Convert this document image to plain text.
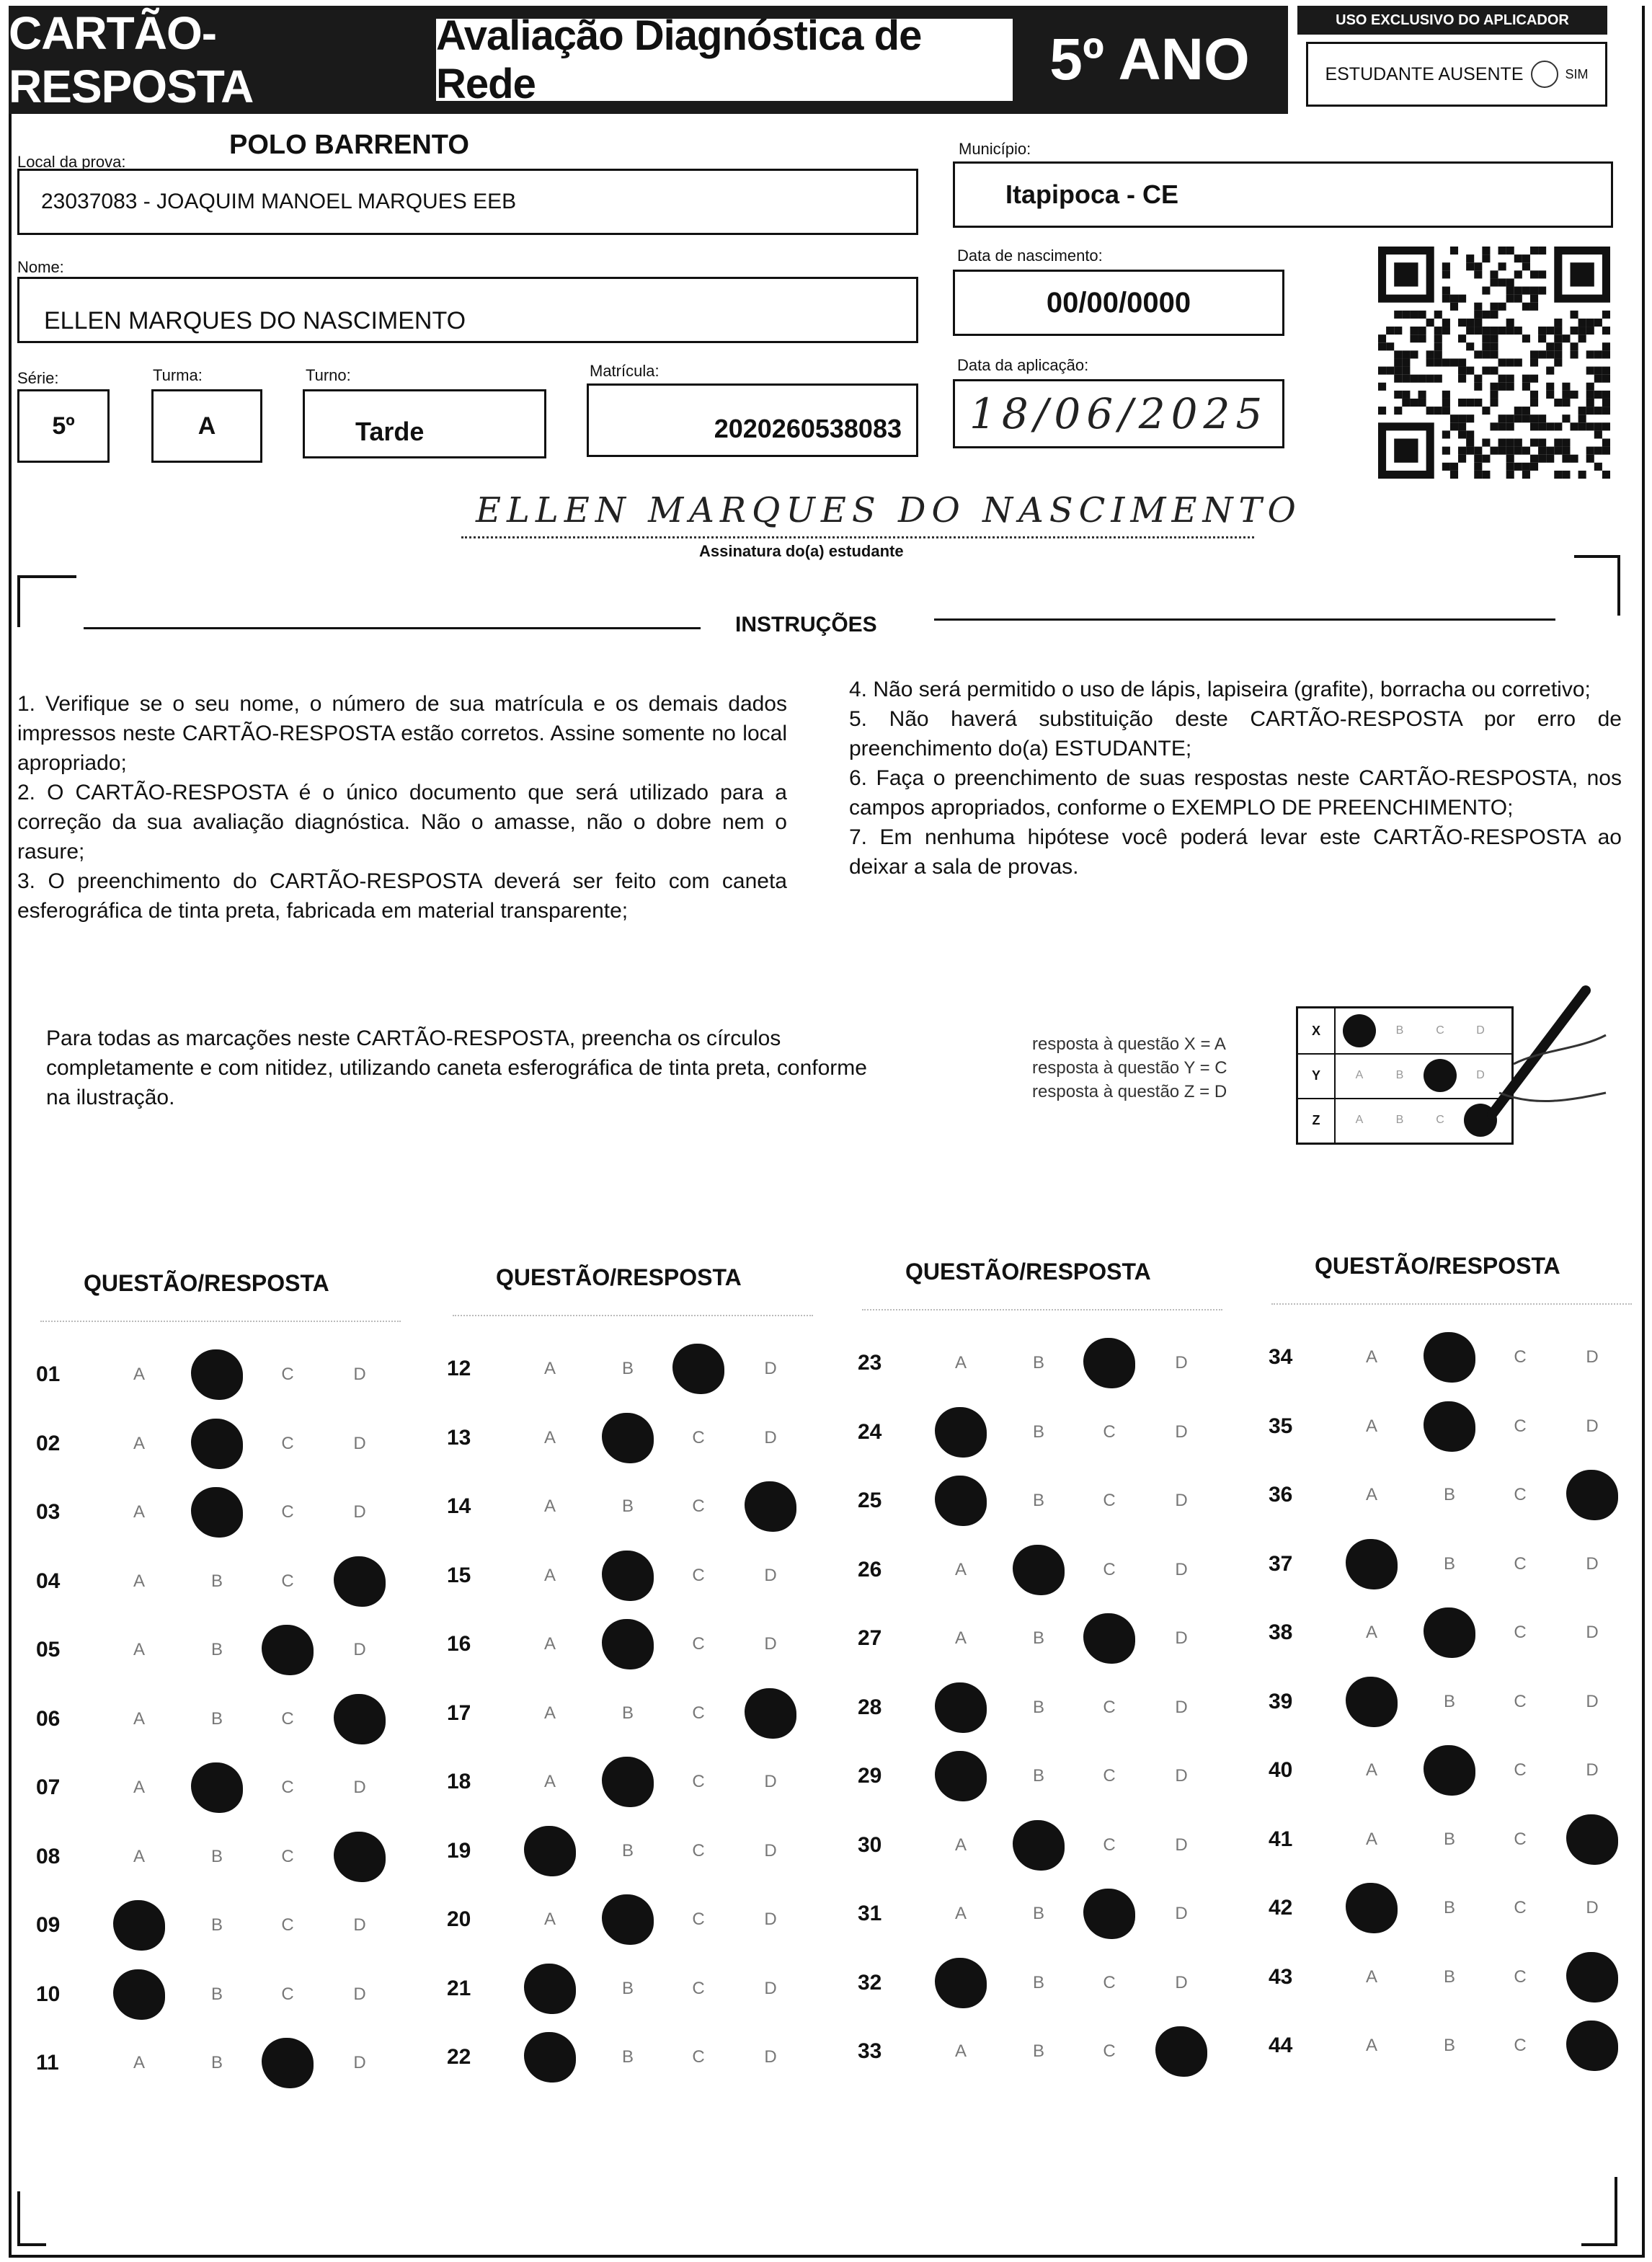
CARTÃO-RESPOSTA
Avaliação Diagnóstica de Rede	5º ANO
USO EXCLUSIVO DO APLICADOR
ESTUDANTE AUSENTE	SIM
Local da prova:
POLO BARRENTO
23037083 - JOAQUIM MANOEL MARQUES EEB
Município:
Itapipoca - CE
Nome:
ELLEN MARQUES DO NASCIMENTO
Data de nascimento:
00/00/0000
Série:
5º
Turma:
A
Turno:
Tarde
Matrícula:
2020260538083
Data da aplicação:
18/06/2025
ELLEN MARQUES DO NASCIMENTO
Assinatura do(a) estudante
INSTRUÇÕES

1. Verifique se o seu nome, o número de sua matrícula e os demais dados impressos neste CARTÃO-RESPOSTA estão corretos. Assine somente no local apropriado;

2. O CARTÃO-RESPOSTA é o único documento que será utilizado para a correção da sua avaliação diagnóstica. Não o amasse, não o dobre nem o rasure;

3. O preenchimento do CARTÃO-RESPOSTA deverá ser feito com caneta esferográfica de tinta preta, fabricada em material transparente;

4. Não será permitido o uso de lápis, lapiseira (grafite), borracha ou corretivo;

5. Não haverá substituição deste CARTÃO-RESPOSTA por erro de preenchimento do(a) ESTUDANTE;

6. Faça o preenchimento de suas respostas neste CARTÃO-RESPOSTA, nos campos apropriados, conforme o EXEMPLO DE PREENCHIMENTO;

7. Em nenhuma hipótese você poderá levar este CARTÃO-RESPOSTA ao deixar a sala de provas.

Para todas as marcações neste CARTÃO-RESPOSTA, preencha os círculos completamente e com nitidez, utilizando caneta esferográfica de tinta preta, conforme na ilustração.
resposta à questão X = A
resposta à questão Y = C
resposta à questão Z = D
X	B	C	D
Y	A	B	D
Z	A	B	C
QUESTÃO/RESPOSTA	QUESTÃO/RESPOSTA	QUESTÃO/RESPOSTA	QUESTÃO/RESPOSTA
01	A	C	D
02	A	C	D
03	A	C	D
04	A	B	C
05	A	B	D
06	A	B	C
07	A	C	D
08	A	B	C
09	B	C	D
10	B	C	D
11	A	B	D
12	A	B	D
13	A	C	D
14	A	B	C
15	A	C	D
16	A	C	D
17	A	B	C
18	A	C	D
19	B	C	D
20	A	C	D
21	B	C	D
22	B	C	D
23	A	B	D
24	B	C	D
25	B	C	D
26	A	C	D
27	A	B	D
28	B	C	D
29	B	C	D
30	A	C	D
31	A	B	D
32	B	C	D
33	A	B	C
34	A	C	D
35	A	C	D
36	A	B	C
37	B	C	D
38	A	C	D
39	B	C	D
40	A	C	D
41	A	B	C
42	B	C	D
43	A	B	C
44	A	B	C
